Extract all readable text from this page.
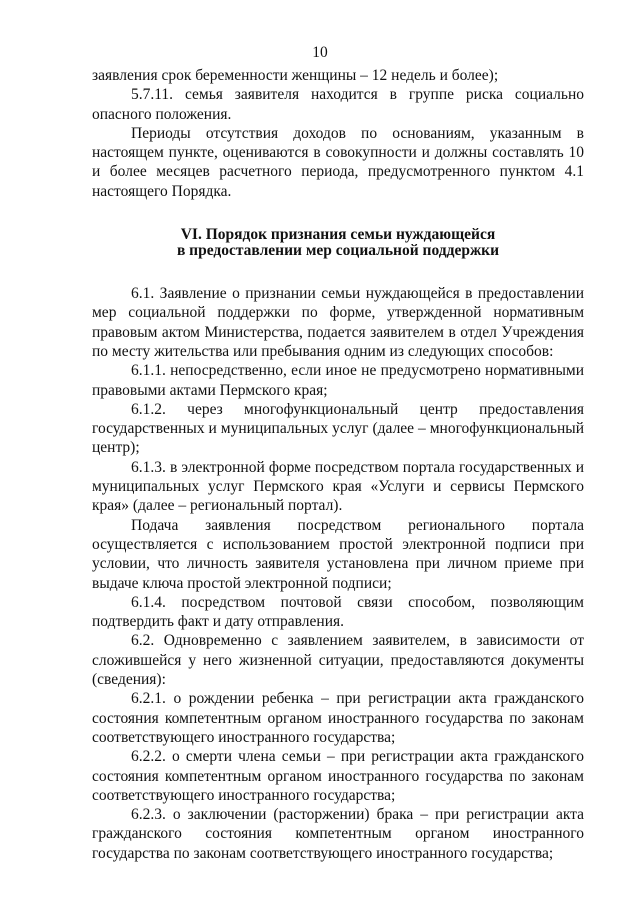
10

заявления срок беременности женщины – 12 недель и более);

5.7.11. семья заявителя находится в группе риска социально опасного положения.

Периоды отсутствия доходов по основаниям, указанным в настоящем пункте, оцениваются в совокупности и должны составлять 10 и более месяцев расчетного периода, предусмотренного пунктом 4.1 настоящего Порядка.

VI. Порядок признания семьи нуждающейся

в предоставлении мер социальной поддержки

6.1. Заявление о признании семьи нуждающейся в предоставлении мер социальной поддержки по форме, утвержденной нормативным правовым актом Министерства, подается заявителем в отдел Учреждения по месту жительства или пребывания одним из следующих способов:

6.1.1. непосредственно, если иное не предусмотрено нормативными правовыми актами Пермского края;

6.1.2. через многофункциональный центр предоставления государственных и муниципальных услуг (далее – многофункциональный центр);

6.1.3. в электронной форме посредством портала государственных и муниципальных услуг Пермского края «Услуги и сервисы Пермского края» (далее – региональный портал).

Подача заявления посредством регионального портала осуществляется с использованием простой электронной подписи при условии, что личность заявителя установлена при личном приеме при выдаче ключа простой электронной подписи;

6.1.4. посредством почтовой связи способом, позволяющим подтвердить факт и дату отправления.

6.2. Одновременно с заявлением заявителем, в зависимости от сложившейся у него жизненной ситуации, предоставляются документы (сведения):

6.2.1. о рождении ребенка – при регистрации акта гражданского состояния компетентным органом иностранного государства по законам соответствующего иностранного государства;

6.2.2. о смерти члена семьи – при регистрации акта гражданского состояния компетентным органом иностранного государства по законам соответствующего иностранного государства;

6.2.3. о заключении (расторжении) брака – при регистрации акта гражданского состояния компетентным органом иностранного государства по законам соответствующего иностранного государства;
